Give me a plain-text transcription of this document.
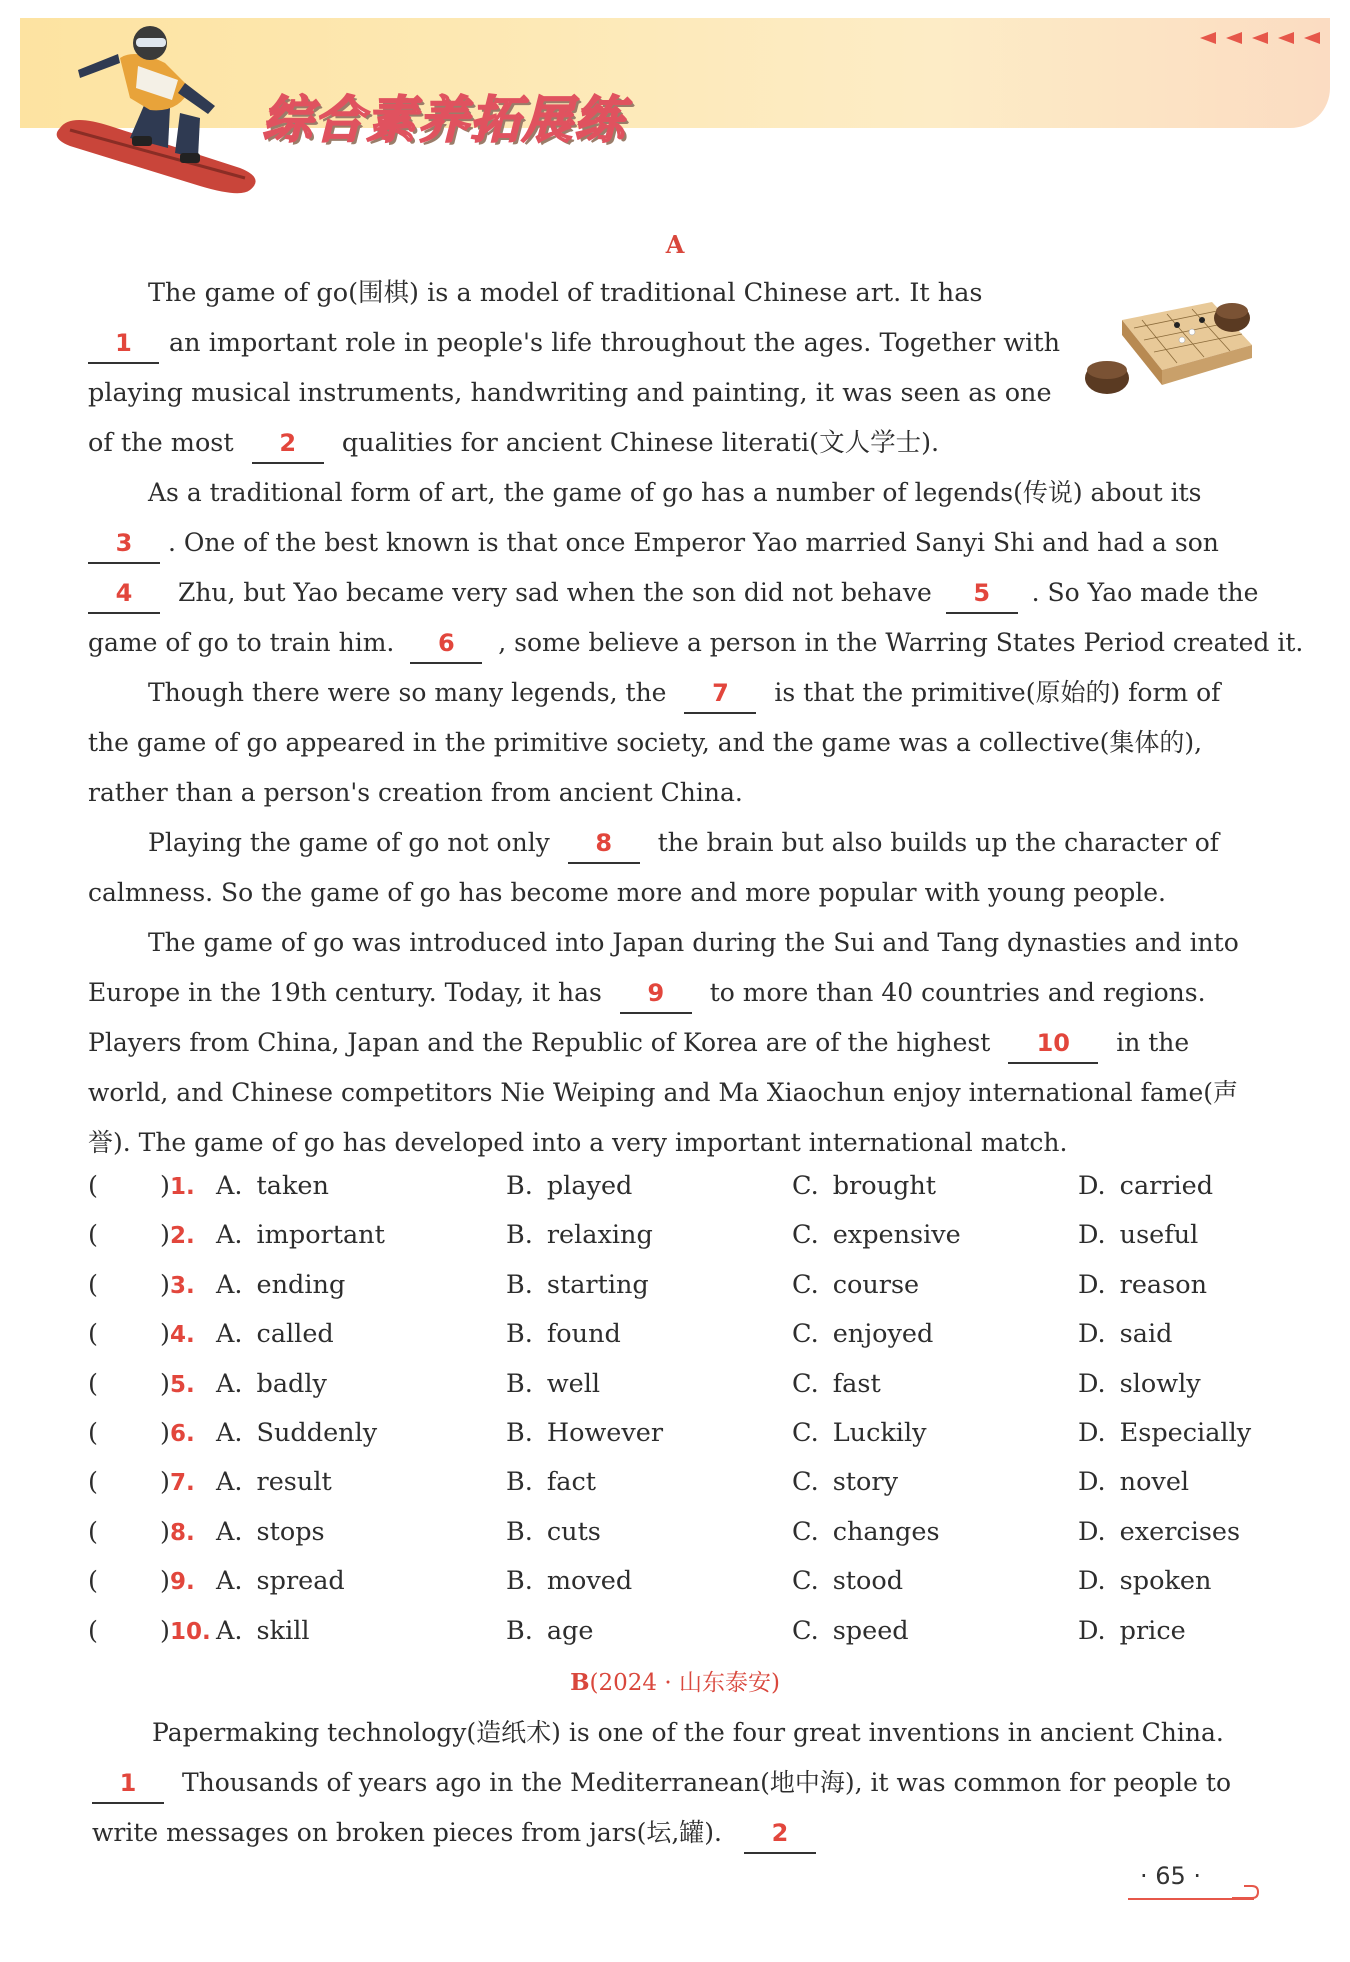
综合素养拓展练
A
The game of go(围棋) is a model of traditional Chinese art. It has
1	an important role in people's life throughout the ages. Together with
playing musical instruments, handwriting and painting, it was seen as one
of the most 2 qualities for ancient Chinese literati(文人学士).
As a traditional form of art, the game of go has a number of legends(传说) about its
3 . One of the best known is that once Emperor Yao married Sanyi Shi and had a son
4 Zhu, but Yao became very sad when the son did not behave 5 . So Yao made the
game of go to train him. 6 , some believe a person in the Warring States Period created it.
Though there were so many legends, the 7 is that the primitive(原始的) form of
the game of go appeared in the primitive society, and the game was a collective(集体的),
rather than a person's creation from ancient China.
Playing the game of go not only 8 the brain but also builds up the character of
calmness. So the game of go has become more and more popular with young people.
The game of go was introduced into Japan during the Sui and Tang dynasties and into
Europe in the 19th century. Today, it has 9 to more than 40 countries and regions.
Players from China, Japan and the Republic of Korea are of the highest 10 in the
world, and Chinese competitors Nie Weiping and Ma Xiaochun enjoy international fame(声
誉). The game of go has developed into a very important international match.
( )1. A. taken	B. played	C. brought	D. carried
( )2. A. important	B. relaxing	C. expensive	D. useful
( )3. A. ending	B. starting	C. course	D. reason
( )4. A. called	B. found	C. enjoyed	D. said
( )5. A. badly	B. well	C. fast	D. slowly
( )6. A. Suddenly	B. However	C. Luckily	D. Especially
( )7. A. result	B. fact	C. story	D. novel
( )8. A. stops	B. cuts	C. changes	D. exercises
( )9. A. spread	B. moved	C. stood	D. spoken
( )10. A. skill	B. age	C. speed	D. price
B(2024 · 山东泰安)
Papermaking technology(造纸术) is one of the four great inventions in ancient China.
1 Thousands of years ago in the Mediterranean(地中海), it was common for people to
write messages on broken pieces from jars(坛,罐). 2
· 65 ·
